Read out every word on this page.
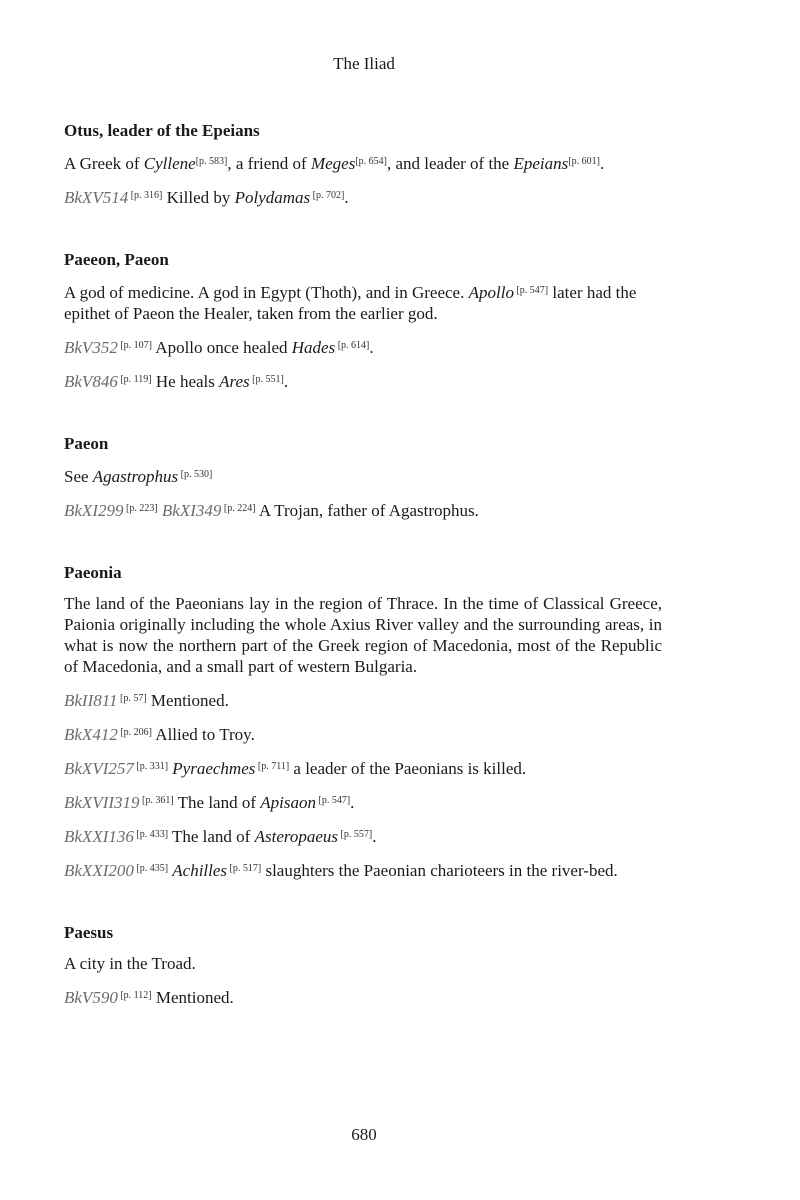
The Iliad
Otus, leader of the Epeians
A Greek of Cyllene[p. 583], a friend of Meges[p. 654], and leader of the Epeians[p. 601].
BkXV514 [p. 316] Killed by Polydamas [p. 702].
Paeeon, Paeon
A god of medicine. A god in Egypt (Thoth), and in Greece. Apollo [p. 547] later had the epithet of Paeon the Healer, taken from the earlier god.
BkV352 [p. 107] Apollo once healed Hades [p. 614].
BkV846 [p. 119] He heals Ares [p. 551].
Paeon
See Agastrophus [p. 530]
BkXI299 [p. 223] BkXI349 [p. 224] A Trojan, father of Agastrophus.
Paeonia
The land of the Paeonians lay in the region of Thrace. In the time of Classical Greece, Paionia originally including the whole Axius River valley and the surrounding areas, in what is now the northern part of the Greek region of Macedonia, most of the Republic of Macedonia, and a small part of western Bulgaria.
BkII811 [p. 57] Mentioned.
BkX412 [p. 206] Allied to Troy.
BkXVI257 [p. 331] Pyraechmes [p. 711] a leader of the Paeonians is killed.
BkXVII319 [p. 361] The land of Apisaon [p. 547].
BkXXI136 [p. 433] The land of Asteropaeus [p. 557].
BkXXI200 [p. 435] Achilles [p. 517] slaughters the Paeonian charioteers in the river-bed.
Paesus
A city in the Troad.
BkV590 [p. 112] Mentioned.
680
